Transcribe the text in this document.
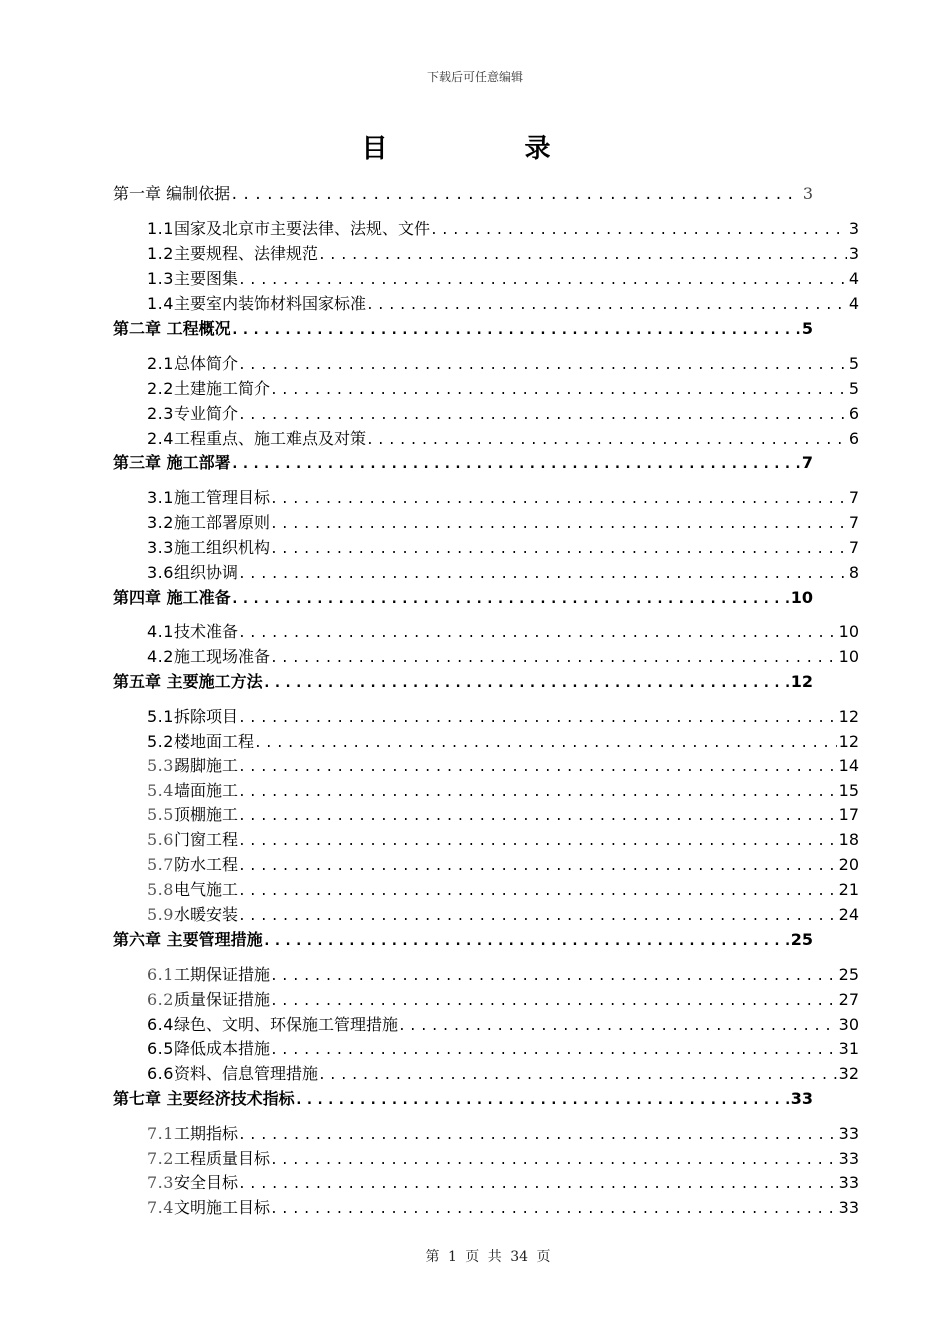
下载后可任意编辑
目 录
第一章 编制依据 .....	3
1.1国家及北京市主要法律、法规、文件 .....	3
1.2主要规程、法律规范 .....	3
1.3主要图集 .....	4
1.4主要室内装饰材料国家标准 .....	4
第二章 工程概况 .....	5
2.1总体简介 .....	5
2.2土建施工简介 .....	5
2.3专业简介 .....	6
2.4工程重点、施工难点及对策 .....	6
第三章 施工部署 .....	7
3.1施工管理目标 .....	7
3.2施工部署原则 .....	7
3.3施工组织机构 .....	7
3.6组织协调 .....	8
第四章 施工准备 .....	10
4.1技术准备 .....	10
4.2施工现场准备 .....	10
第五章 主要施工方法 .....	12
5.1拆除项目 .....	12
5.2楼地面工程 .....	12
5.3踢脚施工 .....	14
5.4墙面施工 .....	15
5.5顶棚施工 .....	17
5.6门窗工程 .....	18
5.7防水工程 .....	20
5.8电气施工 .....	21
5.9水暖安装 .....	24
第六章 主要管理措施 .....	25
6.1工期保证措施 .....	25
6.2质量保证措施 .....	27
6.4绿色、文明、环保施工管理措施 .....	30
6.5降低成本措施 .....	31
6.6资料、信息管理措施 .....	32
第七章 主要经济技术指标 .....	33
7.1工期指标 .....	33
7.2工程质量目标 .....	33
7.3安全目标 .....	33
7.4文明施工目标 .....	33
第 1 页 共 34 页
